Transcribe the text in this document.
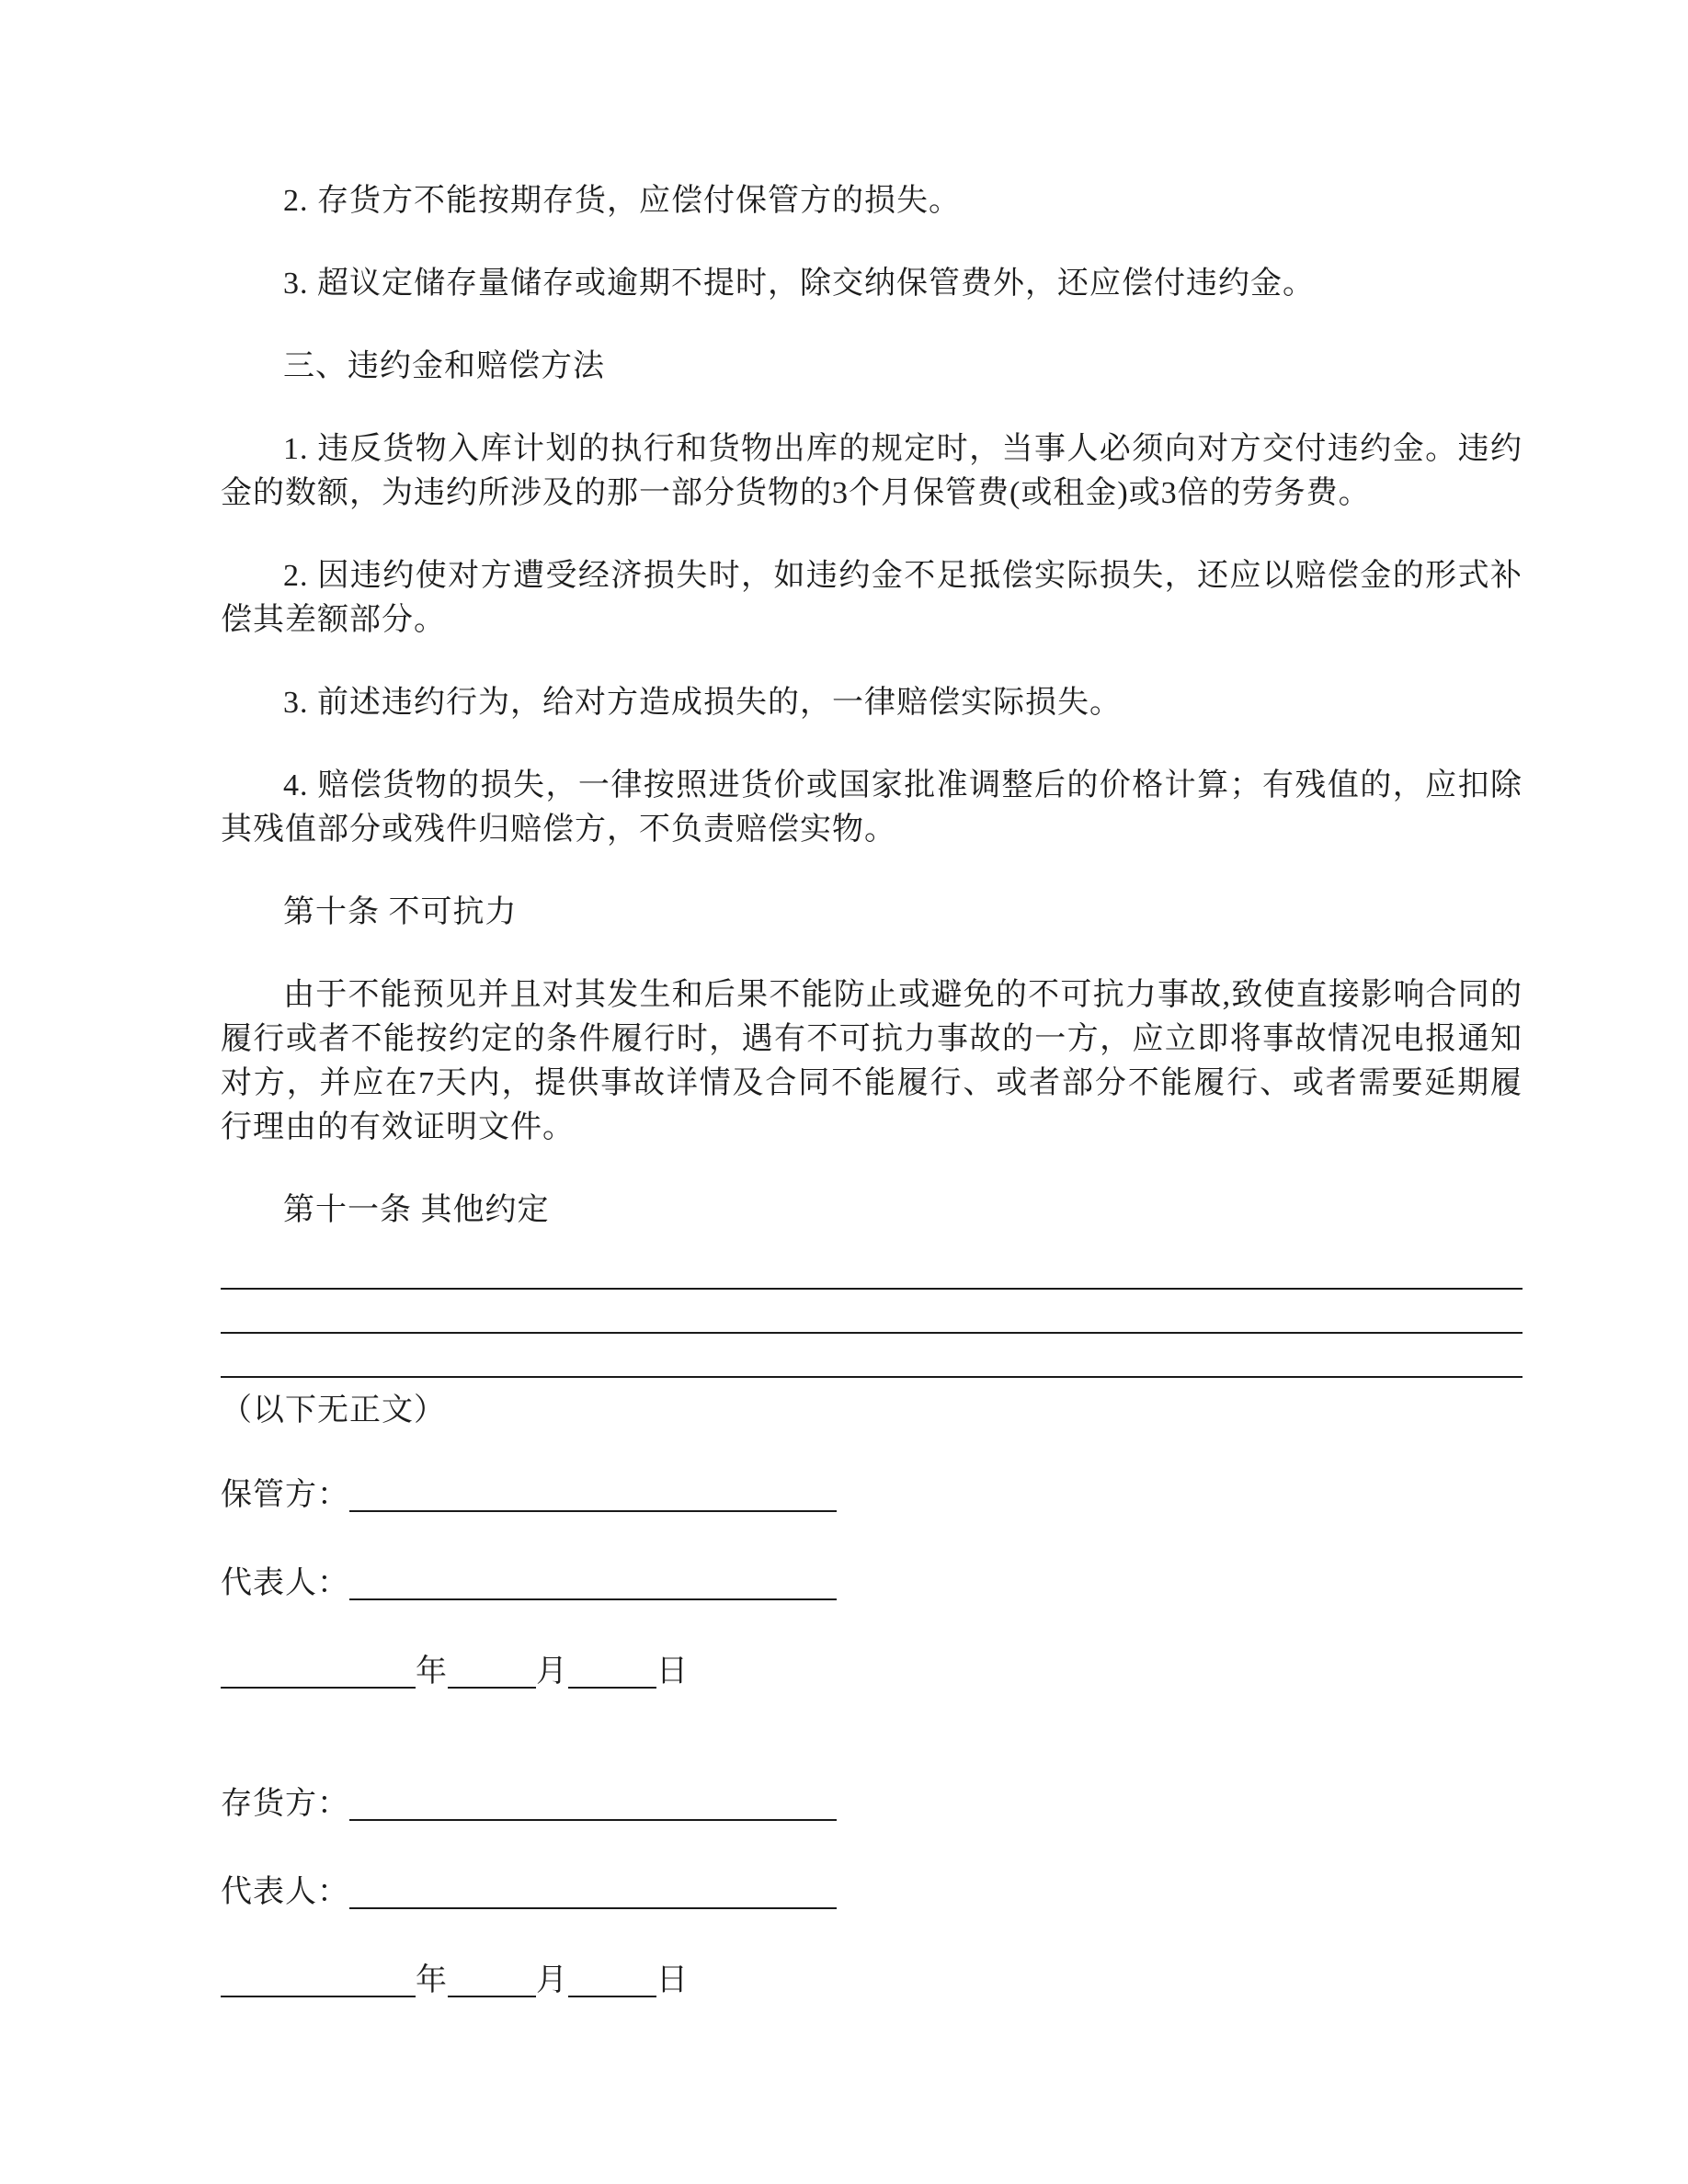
2. 存货方不能按期存货，应偿付保管方的损失。

3. 超议定储存量储存或逾期不提时，除交纳保管费外，还应偿付违约金。

三、违约金和赔偿方法

1. 违反货物入库计划的执行和货物出库的规定时，当事人必须向对方交付违约金。违约金的数额，为违约所涉及的那一部分货物的3个月保管费(或租金)或3倍的劳务费。

2. 因违约使对方遭受经济损失时，如违约金不足抵偿实际损失，还应以赔偿金的形式补偿其差额部分。

3. 前述违约行为，给对方造成损失的，一律赔偿实际损失。

4. 赔偿货物的损失，一律按照进货价或国家批准调整后的价格计算；有残值的，应扣除其残值部分或残件归赔偿方，不负责赔偿实物。

第十条 不可抗力

由于不能预见并且对其发生和后果不能防止或避免的不可抗力事故,致使直接影响合同的履行或者不能按约定的条件履行时，遇有不可抗力事故的一方，应立即将事故情况电报通知对方，并应在7天内，提供事故详情及合同不能履行、或者部分不能履行、或者需要延期履行理由的有效证明文件。

第十一条 其他约定

（以下无正文）

保管方：
代表人：
年	月	日
存货方：
代表人：
年	月	日
